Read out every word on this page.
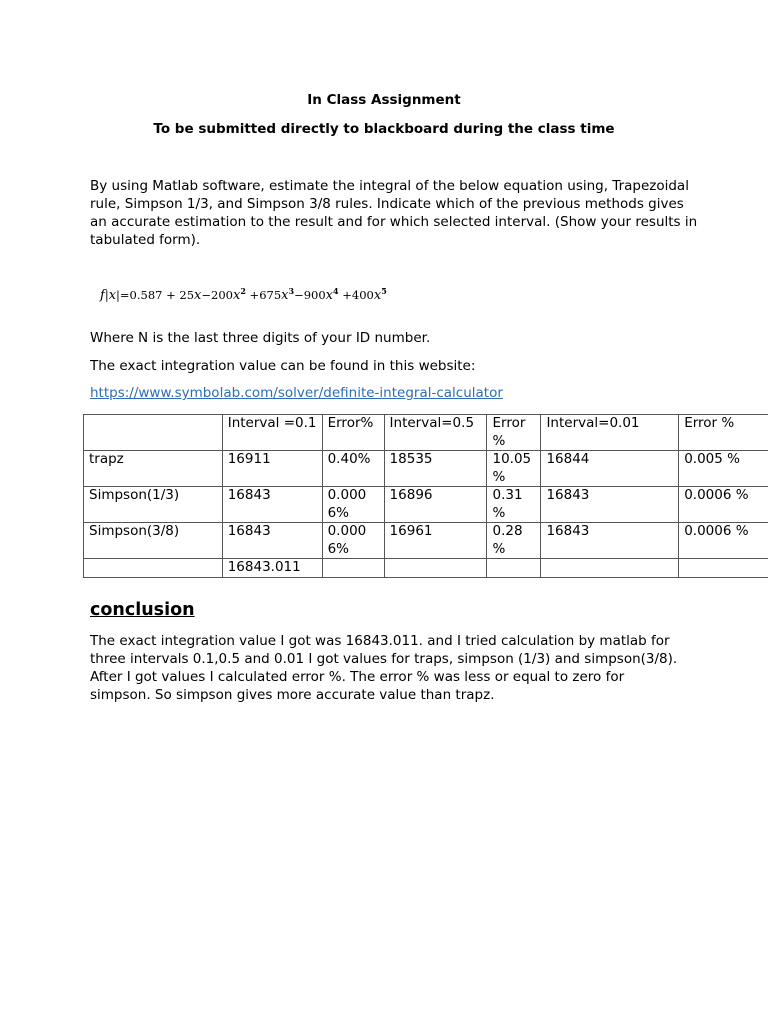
In Class Assignment
To be submitted directly to blackboard during the class time

By using Matlab software, estimate the integral of the below equation using, Trapezoidal rule, Simpson 1/3, and Simpson 3/8 rules. Indicate which of the previous methods gives an accurate estimation to the result and for which selected interval. (Show your results in tabulated form).

$f|x|=0.587 + 25x-200x^2 +675x^3-900x^4 +400x^5$

Where N is the last three digits of your ID number.

The exact integration value can be found in this website:

https://www.symbolab.com/solver/definite-integral-calculator
	Interval =0.1	Error%	Interval=0.5	Error %	Interval=0.01	Error %
trapz	16911	0.40%	18535	10.05 %	16844	0.005 %
Simpson(1/3)	16843	0.000 6%	16896	0.31 %	16843	0.0006 %
Simpson(3/8)	16843	0.000 6%	16961	0.28 %	16843	0.0006 %
	16843.011					
conclusion

The exact integration value I got was 16843.011. and I tried calculation by matlab for three intervals 0.1,0.5 and 0.01 I got values for traps, simpson (1/3) and simpson(3/8). After I got values I calculated error %. The error % was less or equal to zero for simpson. So simpson gives more accurate value than trapz.
